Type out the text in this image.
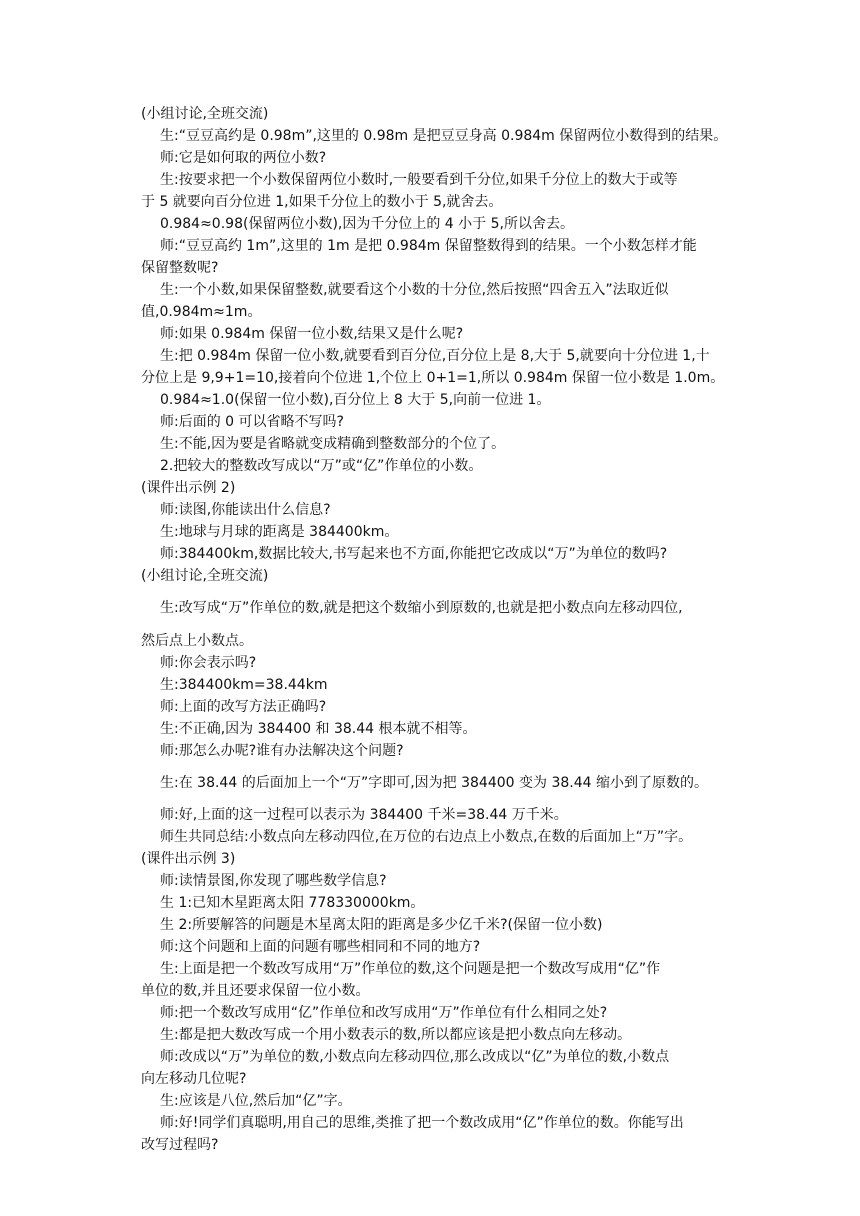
(小组讨论,全班交流)

生:“豆豆高约是 0.98m”,这里的 0.98m 是把豆豆身高 0.984m 保留两位小数得到的结果。

师:它是如何取的两位小数?

生:按要求把一个小数保留两位小数时,一般要看到千分位,如果千分位上的数大于或等

于 5 就要向百分位进 1,如果千分位上的数小于 5,就舍去。

0.984≈0.98(保留两位小数),因为千分位上的 4 小于 5,所以舍去。

师:“豆豆高约 1m”,这里的 1m 是把 0.984m 保留整数得到的结果。一个小数怎样才能

保留整数呢?

生:一个小数,如果保留整数,就要看这个小数的十分位,然后按照“四舍五入”法取近似

值,0.984m≈1m。

师:如果 0.984m 保留一位小数,结果又是什么呢?

生:把 0.984m 保留一位小数,就要看到百分位,百分位上是 8,大于 5,就要向十分位进 1,十

分位上是 9,9+1=10,接着向个位进 1,个位上 0+1=1,所以 0.984m 保留一位小数是 1.0m。

0.984≈1.0(保留一位小数),百分位上 8 大于 5,向前一位进 1。

师:后面的 0 可以省略不写吗?

生:不能,因为要是省略就变成精确到整数部分的个位了。

2.把较大的整数改写成以“万”或“亿”作单位的小数。

(课件出示例 2)

师:读图,你能读出什么信息?

生:地球与月球的距离是 384400km。

师:384400km,数据比较大,书写起来也不方面,你能把它改成以“万”为单位的数吗?

(小组讨论,全班交流)

生:改写成“万”作单位的数,就是把这个数缩小到原数的,也就是把小数点向左移动四位,

然后点上小数点。

师:你会表示吗?

生:384400km=38.44km

师:上面的改写方法正确吗?

生:不正确,因为 384400 和 38.44 根本就不相等。

师:那怎么办呢?谁有办法解决这个问题?

生:在 38.44 的后面加上一个“万”字即可,因为把 384400 变为 38.44 缩小到了原数的。

师:好,上面的这一过程可以表示为 384400 千米=38.44 万千米。

师生共同总结:小数点向左移动四位,在万位的右边点上小数点,在数的后面加上“万”字。

(课件出示例 3)

师:读情景图,你发现了哪些数学信息?

生 1:已知木星距离太阳 778330000km。

生 2:所要解答的问题是木星离太阳的距离是多少亿千米?(保留一位小数)

师:这个问题和上面的问题有哪些相同和不同的地方?

生:上面是把一个数改写成用“万”作单位的数,这个问题是把一个数改写成用“亿”作

单位的数,并且还要求保留一位小数。

师:把一个数改写成用“亿”作单位和改写成用“万”作单位有什么相同之处?

生:都是把大数改写成一个用小数表示的数,所以都应该是把小数点向左移动。

师:改成以“万”为单位的数,小数点向左移动四位,那么改成以“亿”为单位的数,小数点

向左移动几位呢?

生:应该是八位,然后加“亿”字。

师:好!同学们真聪明,用自己的思维,类推了把一个数改成用“亿”作单位的数。你能写出

改写过程吗?
